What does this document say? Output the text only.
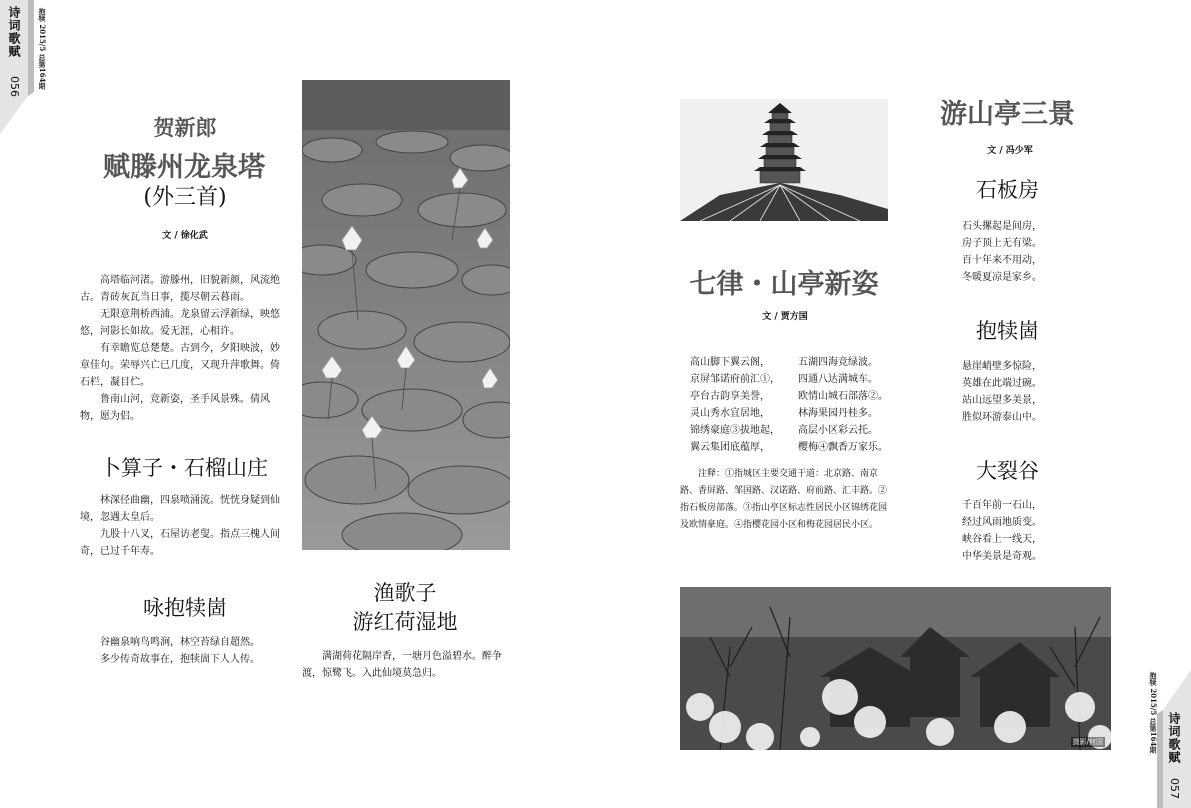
诗词歌赋
056 抱犊 2015/5 总第164期
贺新郎
赋滕州龙泉塔
(外三首)
文 / 徐化武

高塔临河渚。游滕州，旧貌新颜，风流绝古。青砖灰瓦当日事，揽尽朝云暮雨。

无限意荆桥西浦。龙泉留云浮新绿，映悠悠，河影长如故。爱无涯，心相许。

有幸瞻览总楚楚。古到今，夕阳映波，妙章佳句。荣辱兴亡已几度，又现升萍歌舞。倚石栏，凝目伫。

鲁南山河，竞新姿，圣手风景殊。倩风物，愿为侣。

卜算子・石榴山庄

林深径曲幽，四泉喷涌流。恍恍身疑到仙境，忽遇太皇后。

九股十八叉，石屋访老叟。指点三槐人间奇，已过千年寿。

咏抱犊崮
谷幽泉响鸟鸣涧，林空苔绿自超然。
多少传奇故事在，抱犊崮下人人传。
渔歌子
游红荷湿地

满湖荷花隔岸香，一塘月色溢碧水。醉争渡，惊鹭飞。入此仙境莫急归。

游山亭三景
文 / 冯少军
石板房
石头摞起是间房，
房子顶上无有梁。
百十年来不用动，
冬暖夏凉是家乡。
抱犊崮
悬崖峭壁多惊险，
英雄在此端过碗。
站山远望多美景，
胜似环游泰山中。
大裂谷
千百年前一石山，
经过风雨地质变。
峡谷看上一线天，
中华美景是奇观。
七律・山亭新姿
文 / 贾方国
高山脚下翼云阁，	五湖四海竞绿波。
京屏邹诺府前汇①，	四通八达满城车。
亭台古韵享美誉，	欧情山城石部落②。
灵山秀水宜居地，	林海果园丹桂多。
锦绣豪庭③拔地起，	高层小区彩云托。
翼云集团底蕴厚，	樱梅④飘香万家乐。
注释：①指城区主要交通干道：北京路、南京路、香屏路、邹国路、汉诺路、府前路、汇丰路。②指石板房部落。③指山亭区标志性居民小区锦绣花园及欧情豪庭。④指樱花园小区和梅花园居民小区。
摄影/何国	诗词歌赋
057
抱犊 2015/5 总第164期
